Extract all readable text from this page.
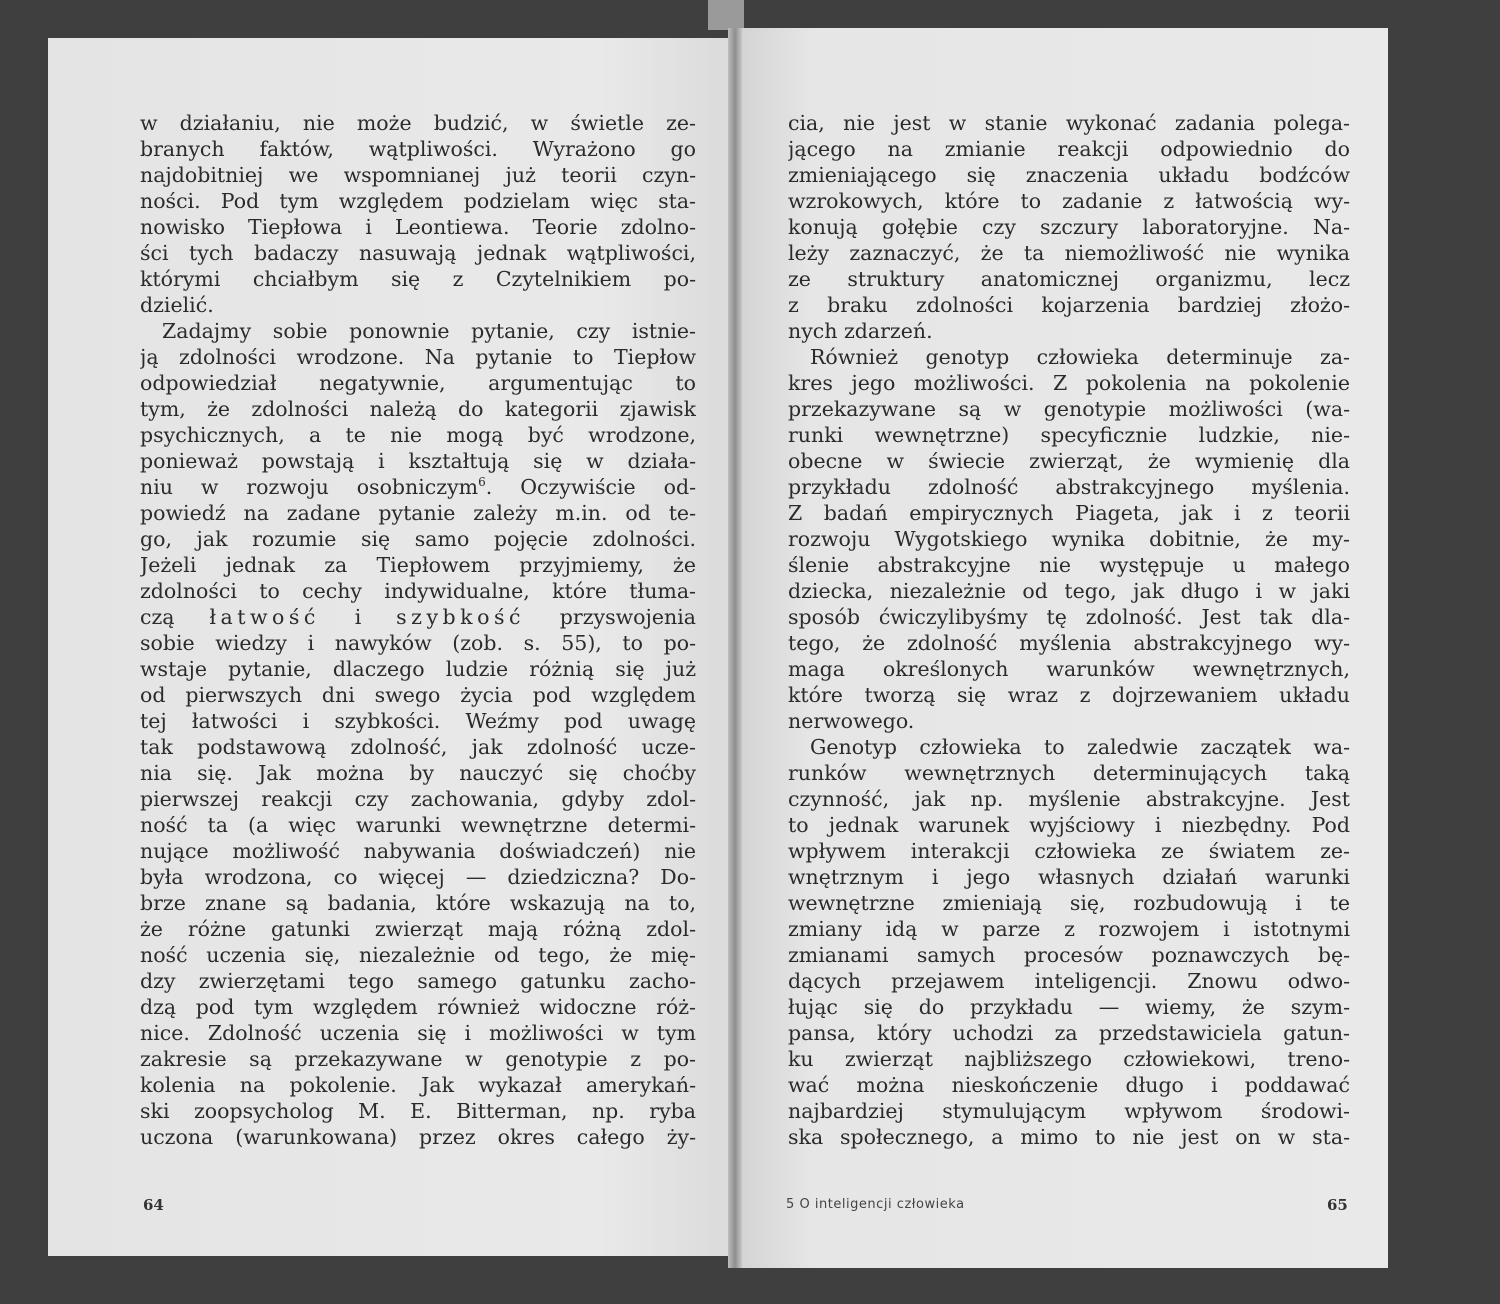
w działaniu, nie może budzić, w świetle ze-
branych faktów, wątpliwości. Wyrażono go
najdobitniej we wspomnianej już teorii czyn-
ności. Pod tym względem podzielam więc sta-
nowisko Tiepłowa i Leontiewa. Teorie zdolno-
ści tych badaczy nasuwają jednak wątpliwości,
którymi chciałbym się z Czytelnikiem po-
dzielić.
Zadajmy sobie ponownie pytanie, czy istnie-
ją zdolności wrodzone. Na pytanie to Tiepłow
odpowiedział negatywnie, argumentując to
tym, że zdolności należą do kategorii zjawisk
psychicznych, a te nie mogą być wrodzone,
ponieważ powstają i kształtują się w działa-
niu w rozwoju osobniczym$^6$. Oczywiście od-
powiedź na zadane pytanie zależy m.in. od te-
go, jak rozumie się samo pojęcie zdolności.
Jeżeli jednak za Tiepłowem przyjmiemy, że
zdolności to cechy indywidualne, które tłuma-
czą łatwość i szybkość przyswojenia
sobie wiedzy i nawyków (zob. s. 55), to po-
wstaje pytanie, dlaczego ludzie różnią się już
od pierwszych dni swego życia pod względem
tej łatwości i szybkości. Weźmy pod uwagę
tak podstawową zdolność, jak zdolność ucze-
nia się. Jak można by nauczyć się choćby
pierwszej reakcji czy zachowania, gdyby zdol-
ność ta (a więc warunki wewnętrzne determi-
nujące możliwość nabywania doświadczeń) nie
była wrodzona, co więcej — dziedziczna? Do-
brze znane są badania, które wskazują na to,
że różne gatunki zwierząt mają różną zdol-
ność uczenia się, niezależnie od tego, że mię-
dzy zwierzętami tego samego gatunku zacho-
dzą pod tym względem również widoczne róż-
nice. Zdolność uczenia się i możliwości w tym
zakresie są przekazywane w genotypie z po-
kolenia na pokolenie. Jak wykazał amerykań-
ski zoopsycholog M. E. Bitterman, np. ryba
uczona (warunkowana) przez okres całego ży-
cia, nie jest w stanie wykonać zadania polega-
jącego na zmianie reakcji odpowiednio do
zmieniającego się znaczenia układu bodźców
wzrokowych, które to zadanie z łatwością wy-
konują gołębie czy szczury laboratoryjne. Na-
leży zaznaczyć, że ta niemożliwość nie wynika
ze struktury anatomicznej organizmu, lecz
z braku zdolności kojarzenia bardziej złożo-
nych zdarzeń.
Również genotyp człowieka determinuje za-
kres jego możliwości. Z pokolenia na pokolenie
przekazywane są w genotypie możliwości (wa-
runki wewnętrzne) specyficznie ludzkie, nie-
obecne w świecie zwierząt, że wymienię dla
przykładu zdolność abstrakcyjnego myślenia.
Z badań empirycznych Piageta, jak i z teorii
rozwoju Wygotskiego wynika dobitnie, że my-
ślenie abstrakcyjne nie występuje u małego
dziecka, niezależnie od tego, jak długo i w jaki
sposób ćwiczylibyśmy tę zdolność. Jest tak dla-
tego, że zdolność myślenia abstrakcyjnego wy-
maga określonych warunków wewnętrznych,
które tworzą się wraz z dojrzewaniem układu
nerwowego.
Genotyp człowieka to zaledwie zaczątek wa-
runków wewnętrznych determinujących taką
czynność, jak np. myślenie abstrakcyjne. Jest
to jednak warunek wyjściowy i niezbędny. Pod
wpływem interakcji człowieka ze światem ze-
wnętrznym i jego własnych działań warunki
wewnętrzne zmieniają się, rozbudowują i te
zmiany idą w parze z rozwojem i istotnymi
zmianami samych procesów poznawczych bę-
dących przejawem inteligencji. Znowu odwo-
łując się do przykładu — wiemy, że szym-
pansa, który uchodzi za przedstawiciela gatun-
ku zwierząt najbliższego człowiekowi, treno-
wać można nieskończenie długo i poddawać
najbardziej stymulującym wpływom środowi-
ska społecznego, a mimo to nie jest on w sta-
64	5 O inteligencji człowieka	65
